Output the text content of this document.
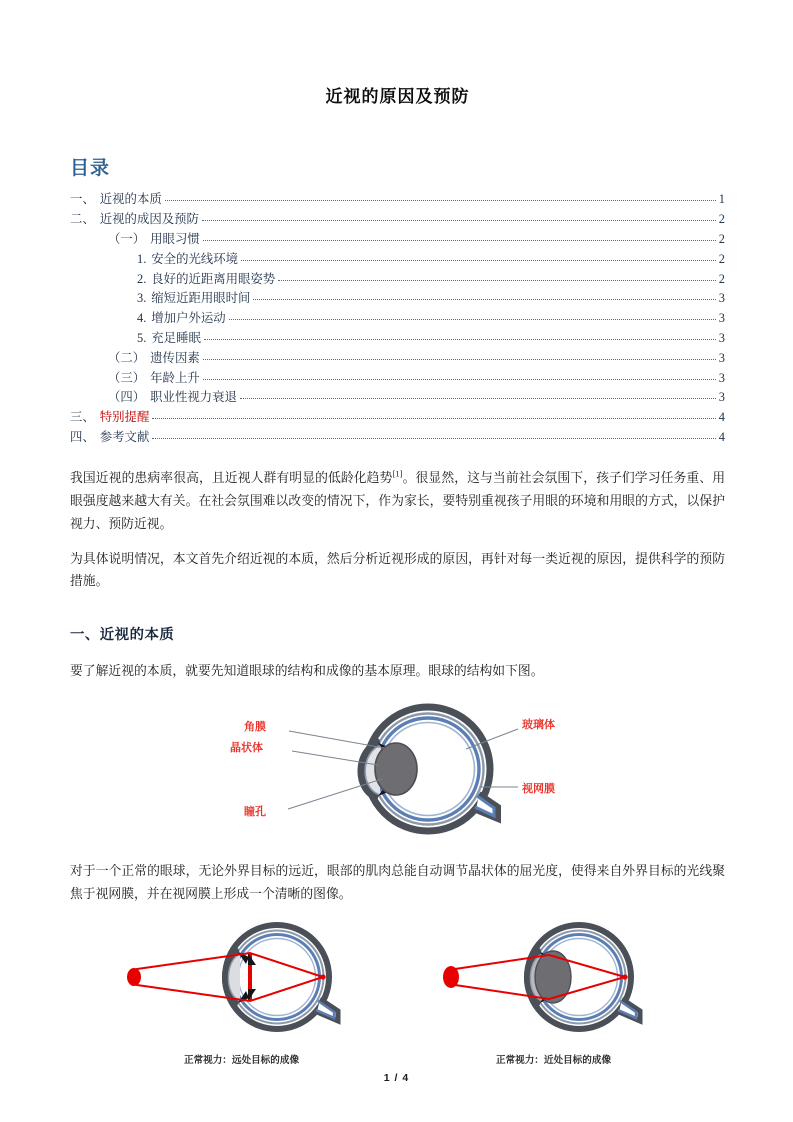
近视的原因及预防
目录
一、 近视的本质	1
二、 近视的成因及预防	2
（一） 用眼习惯	2
1. 安全的光线环境	2
2. 良好的近距离用眼姿势	2
3. 缩短近距用眼时间	3
4. 增加户外运动	3
5. 充足睡眠	3
（二） 遗传因素	3
（三） 年龄上升	3
（四） 职业性视力衰退	3
三、 特别提醒	4
四、 参考文献	4

我国近视的患病率很高，且近视人群有明显的低龄化趋势[1]。很显然，这与当前社会氛围下，孩子们学习任务重、用眼强度越来越大有关。在社会氛围难以改变的情况下，作为家长，要特别重视孩子用眼的环境和用眼的方式，以保护视力、预防近视。

为具体说明情况，本文首先介绍近视的本质，然后分析近视形成的原因，再针对每一类近视的原因，提供科学的预防措施。

一、近视的本质

要了解近视的本质，就要先知道眼球的结构和成像的基本原理。眼球的结构如下图。

角膜
晶状体
瞳孔
玻璃体
视网膜

对于一个正常的眼球，无论外界目标的远近，眼部的肌肉总能自动调节晶状体的屈光度，使得来自外界目标的光线聚焦于视网膜，并在视网膜上形成一个清晰的图像。

正常视力：远处目标的成像	正常视力：近处目标的成像
1 / 4
